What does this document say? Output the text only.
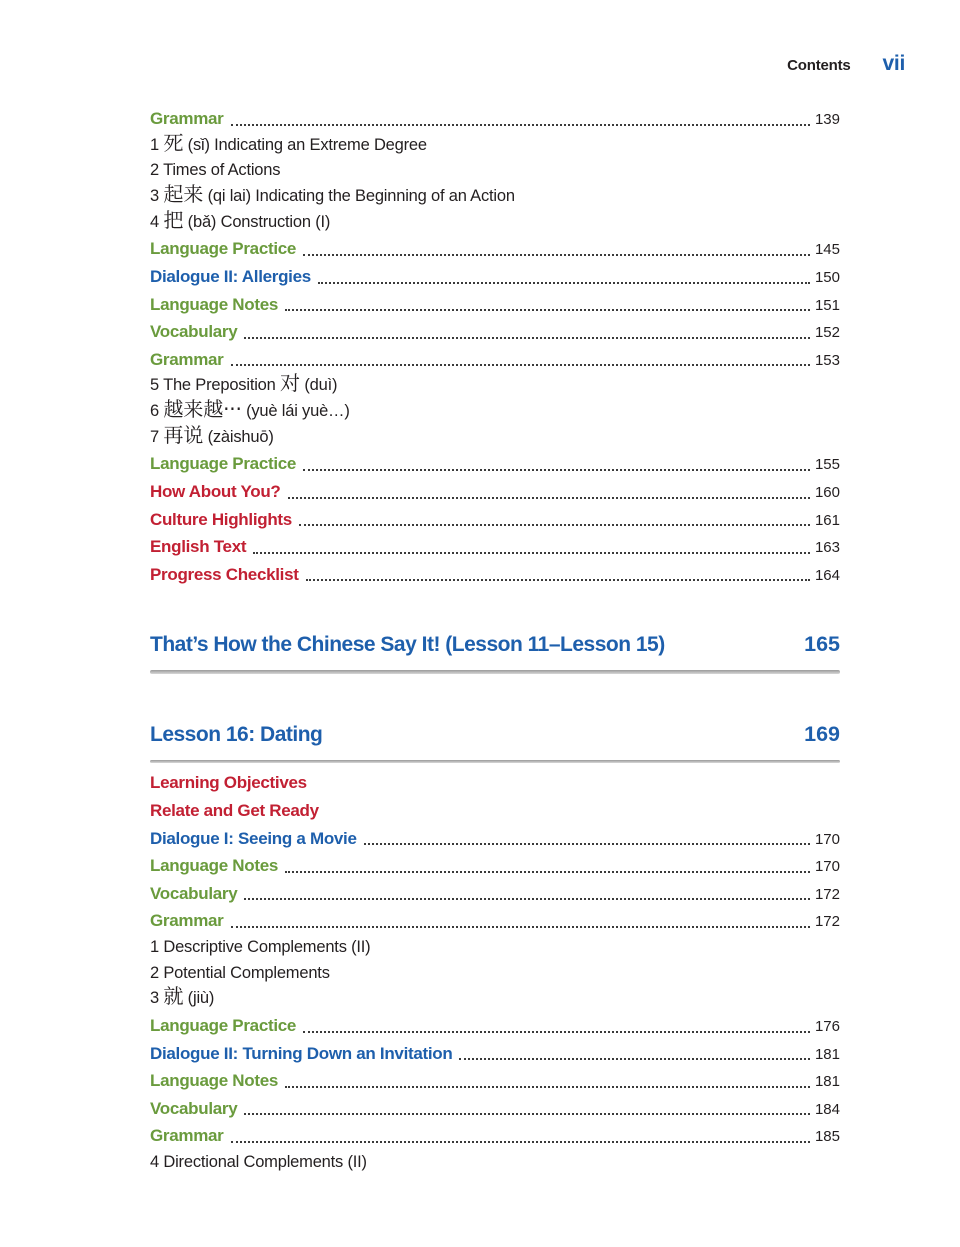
Contents vii
Grammar	139
1 死 (sǐ) Indicating an Extreme Degree
2 Times of Actions
3 起来 (qi lai) Indicating the Beginning of an Action
4 把 (bǎ) Construction (I)
Language Practice	145
Dialogue II: Allergies	150
Language Notes	151
Vocabulary	152
Grammar	153
5 The Preposition 对 (duì)
6 越来越··· (yuè lái yuè…)
7 再说 (zàishuō)
Language Practice	155
How About You?	160
Culture Highlights	161
English Text	163
Progress Checklist	164
That’s How the Chinese Say It! (Lesson 11–Lesson 15)	165
Lesson 16: Dating	169
Learning Objectives
Relate and Get Ready
Dialogue I: Seeing a Movie	170
Language Notes	170
Vocabulary	172
Grammar	172
1 Descriptive Complements (II)
2 Potential Complements
3 就 (jiù)
Language Practice	176
Dialogue II: Turning Down an Invitation	181
Language Notes	181
Vocabulary	184
Grammar	185
4 Directional Complements (II)
